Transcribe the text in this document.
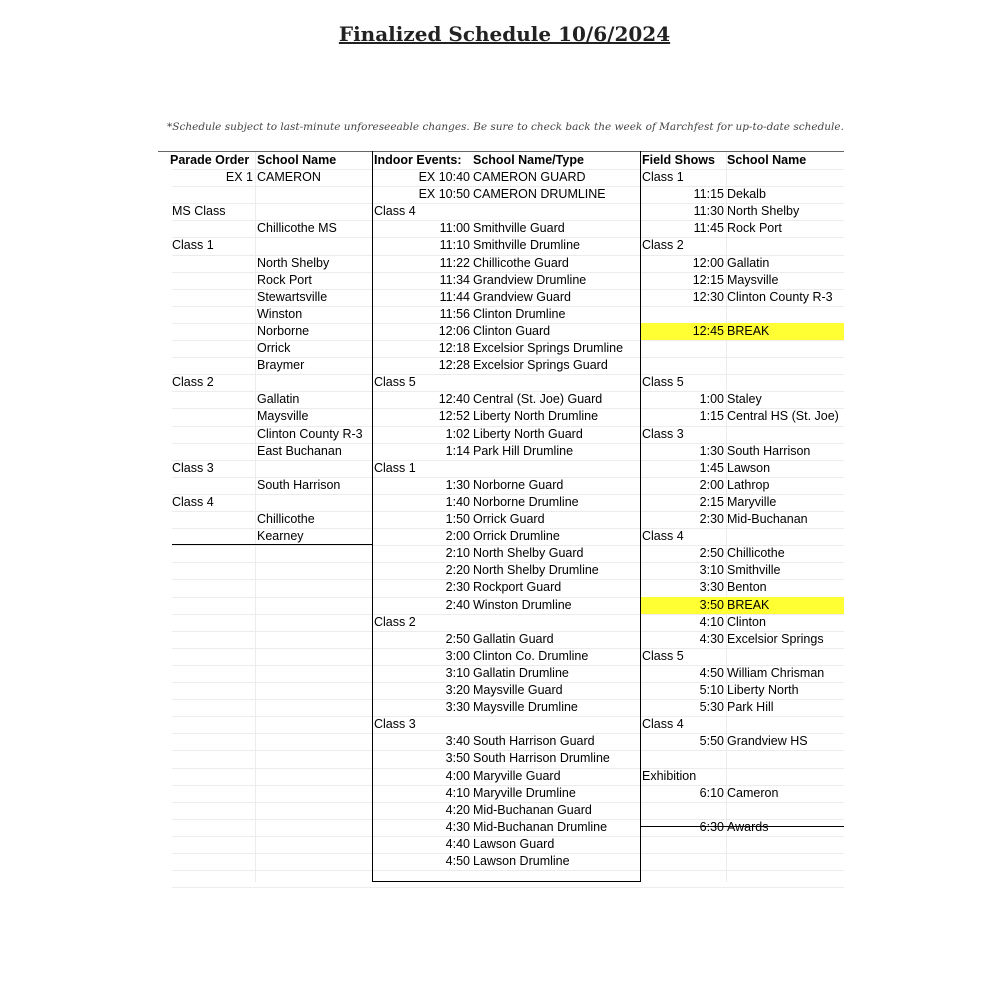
Finalized Schedule 10/6/2024
*Schedule subject to last-minute unforeseeable changes. Be sure to check back the week of Marchfest for up-to-date schedule.
Parade Order School Name	Indoor Events: School Name/Type	Field Shows School Name
EX 1 CAMERON
MS Class
Chillicothe MS
Class 1
North Shelby
Rock Port
Stewartsville
Winston
Norborne
Orrick
Braymer
Class 2
Gallatin
Maysville
Clinton County R-3
East Buchanan
Class 3
South Harrison
Class 4
Chillicothe
Kearney
EX 10:40 CAMERON GUARD
EX 10:50 CAMERON DRUMLINE
Class 4
11:00 Smithville Guard
11:10 Smithville Drumline
11:22 Chillicothe Guard
11:34 Grandview Drumline
11:44 Grandview Guard
11:56 Clinton Drumline
12:06 Clinton Guard
12:18 Excelsior Springs Drumline
12:28 Excelsior Springs Guard
Class 5
12:40 Central (St. Joe) Guard
12:52 Liberty North Drumline
1:02 Liberty North Guard
1:14 Park Hill Drumline
Class 1
1:30 Norborne Guard
1:40 Norborne Drumline
1:50 Orrick Guard
2:00 Orrick Drumline
2:10 North Shelby Guard
2:20 North Shelby Drumline
2:30 Rockport Guard
2:40 Winston Drumline
Class 2
2:50 Gallatin Guard
3:00 Clinton Co. Drumline
3:10 Gallatin Drumline
3:20 Maysville Guard
3:30 Maysville Drumline
Class 3
3:40 South Harrison Guard
3:50 South Harrison Drumline
4:00 Maryville Guard
4:10 Maryville Drumline
4:20 Mid-Buchanan Guard
4:30 Mid-Buchanan Drumline
4:40 Lawson Guard
4:50 Lawson Drumline
Class 1
11:15 Dekalb
11:30 North Shelby
11:45 Rock Port
Class 2
12:00 Gallatin
12:15 Maysville
12:30 Clinton County R-3
12:45 BREAK
Class 5
1:00 Staley
1:15 Central HS (St. Joe)
Class 3
1:30 South Harrison
1:45 Lawson
2:00 Lathrop
2:15 Maryville
2:30 Mid-Buchanan
Class 4
2:50 Chillicothe
3:10 Smithville
3:30 Benton
3:50 BREAK
4:10 Clinton
4:30 Excelsior Springs
Class 5
4:50 William Chrisman
5:10 Liberty North
5:30 Park Hill
Class 4
5:50 Grandview HS
Exhibition
6:10 Cameron
6:30 Awards
